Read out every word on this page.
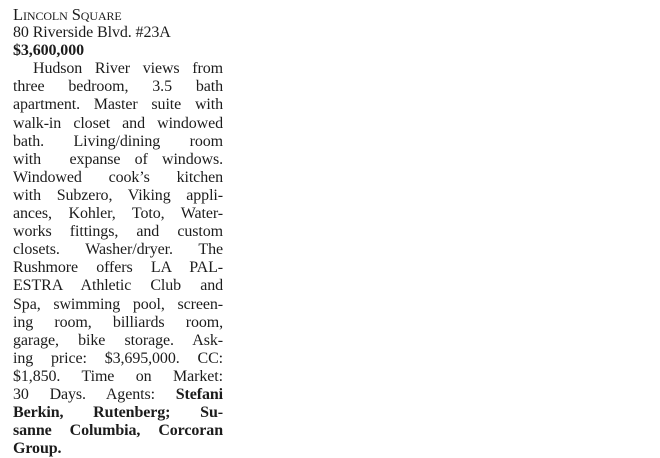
Lincoln Square
80 Riverside Blvd. #23A
$3,600,000
Hudson River views from
three bedroom, 3.5 bath
apartment. Master suite with
walk-in closet and windowed
bath. Living/dining room
with  expanse of windows.
Windowed cook’s kitchen
with Subzero, Viking appli-
ances, Kohler, Toto, Water-
works fittings, and custom
closets. Washer/dryer. The
Rushmore offers LA PAL-
ESTRA Athletic Club and
Spa, swimming pool, screen-
ing room, billiards room,
garage, bike storage. Ask-
ing price: $3,695,000. CC:
$1,850. Time on Market:
30 Days. Agents: Stefani
Berkin, Rutenberg; Su-
sanne Columbia, Corcoran
Group.
